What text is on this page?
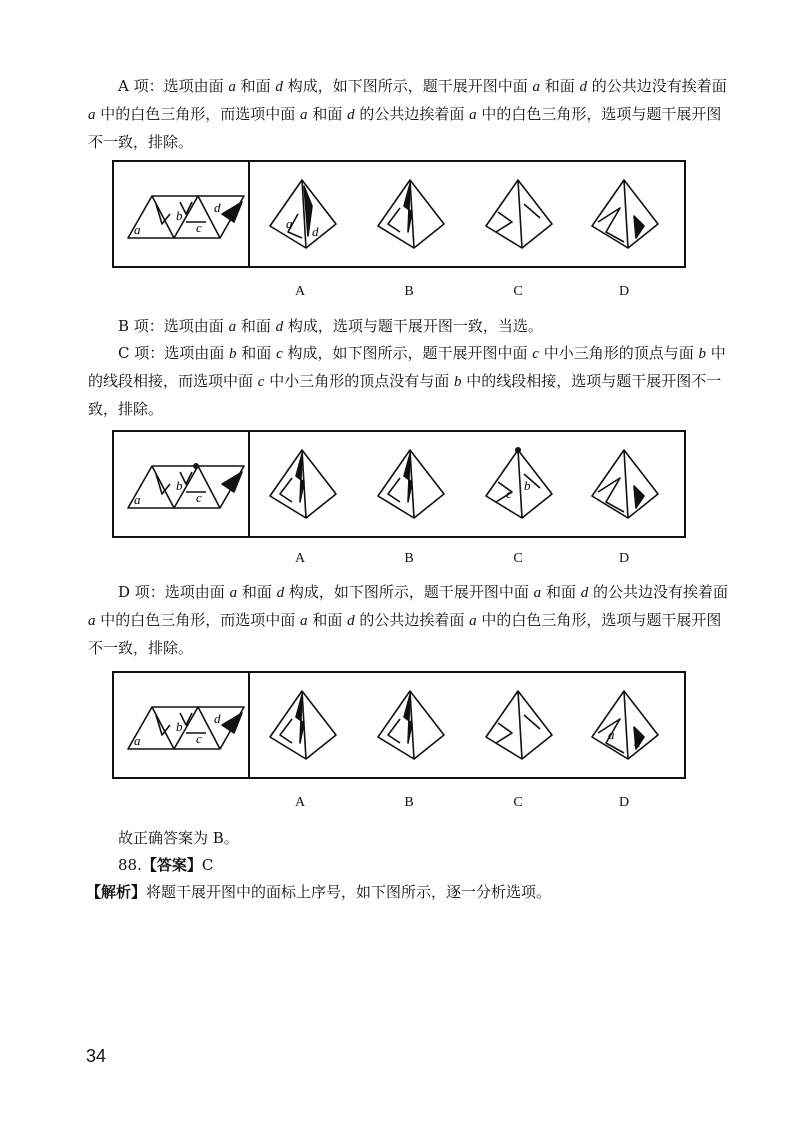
A 项：选项由面 a 和面 d 构成，如下图所示，题干展开图中面 a 和面 d 的公共边没有挨着面 a 中的白色三角形，而选项中面 a 和面 d 的公共边挨着面 a 中的白色三角形，选项与题干展开图不一致，排除。

a
b
c
d
a
d
A	B	C	D

B 项：选项由面 a 和面 d 构成，选项与题干展开图一致，当选。

C 项：选项由面 b 和面 c 构成，如下图所示，题干展开图中面 c 中小三角形的顶点与面 b 中的线段相接，而选项中面 c 中小三角形的顶点没有与面 b 中的线段相接，选项与题干展开图不一致，排除。

a
b
c	c
b
A	B	C	D

D 项：选项由面 a 和面 d 构成，如下图所示，题干展开图中面 a 和面 d 的公共边没有挨着面 a 中的白色三角形，而选项中面 a 和面 d 的公共边挨着面 a 中的白色三角形，选项与题干展开图不一致，排除。

a
b
c
d
a
d
A	B	C	D

故正确答案为 B。

88.【答案】C

【解析】将题干展开图中的面标上序号，如下图所示，逐一分析选项。

34
